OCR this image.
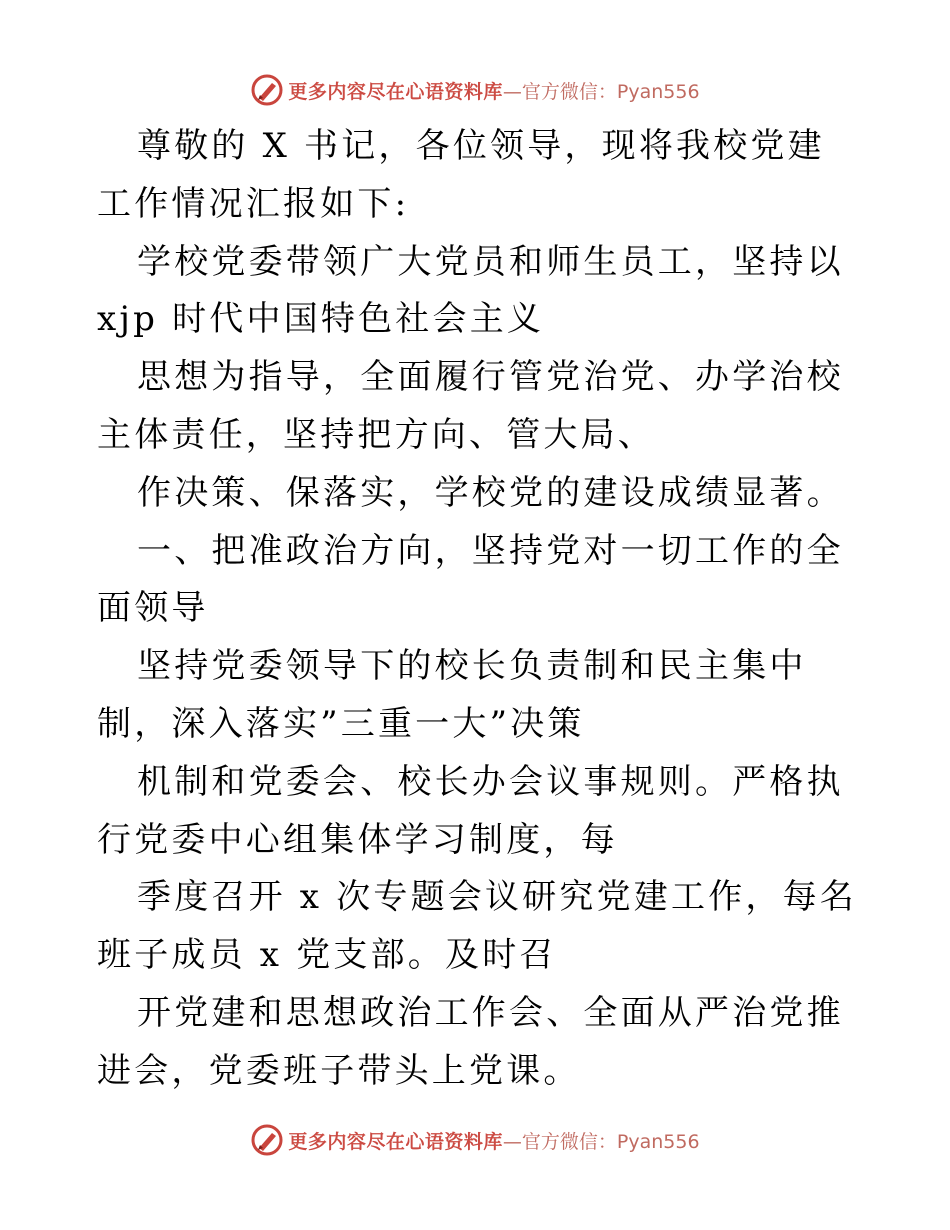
更多内容尽在心语资料库 —官方微信：Pyan556

尊敬的 X 书记，各位领导，现将我校党建工作情况汇报如下:

学校党委带领广大党员和师生员工，坚持以 xjp 时代中国特色社会主义

思想为指导，全面履行管党治党、办学治校主体责任，坚持把方向、管大局、

作决策、保落实，学校党的建设成绩显著。

一、把准政治方向，坚持党对一切工作的全面领导

坚持党委领导下的校长负责制和民主集中制，深入落实”三重一大”决策

机制和党委会、校长办会议事规则。严格执行党委中心组集体学习制度，每

季度召开 x 次专题会议研究党建工作，每名班子成员 x 党支部。及时召

开党建和思想政治工作会、全面从严治党推进会，党委班子带头上党课。

更多内容尽在心语资料库 —官方微信：Pyan556
